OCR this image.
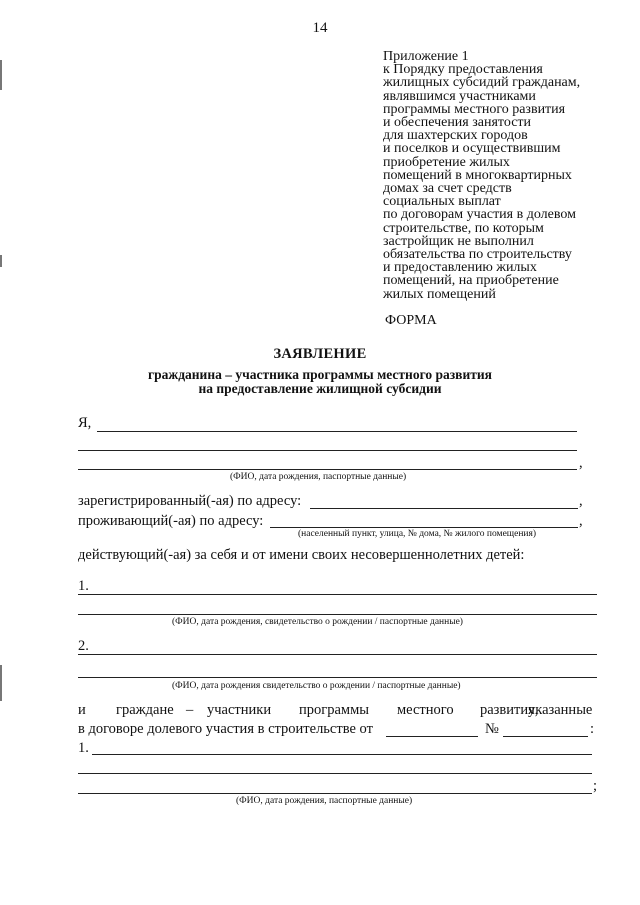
14
Приложение 1
к Порядку предоставления
жилищных субсидий гражданам,
являвшимся участниками
программы местного развития
и обеспечения занятости
для шахтерских городов
и поселков и осуществившим
приобретение жилых
помещений в многоквартирных
домах за счет средств
социальных выплат
по договорам участия в долевом
строительстве, по которым
застройщик не выполнил
обязательства по строительству
и предоставлению жилых
помещений, на приобретение
жилых помещений
ФОРМА
ЗАЯВЛЕНИЕ
гражданина – участника программы местного развития
на предоставление жилищной субсидии
Я,
,
(ФИО, дата рождения, паспортные данные)
зарегистрированный(-ая) по адресу:	,
проживающий(-ая) по адресу:	,
(населенный пункт, улица, № дома, № жилого помещения)
действующий(-ая) за себя и от имени своих несовершеннолетних детей:
1.
(ФИО, дата рождения, свидетельство о рождении / паспортные данные)
2.
(ФИО, дата рождения свидетельство о рождении / паспортные данные)
и граждане – участники программы местного развития,
указанные
в договоре долевого участия в строительстве от	№	:
1.
;
(ФИО, дата рождения, паспортные данные)
